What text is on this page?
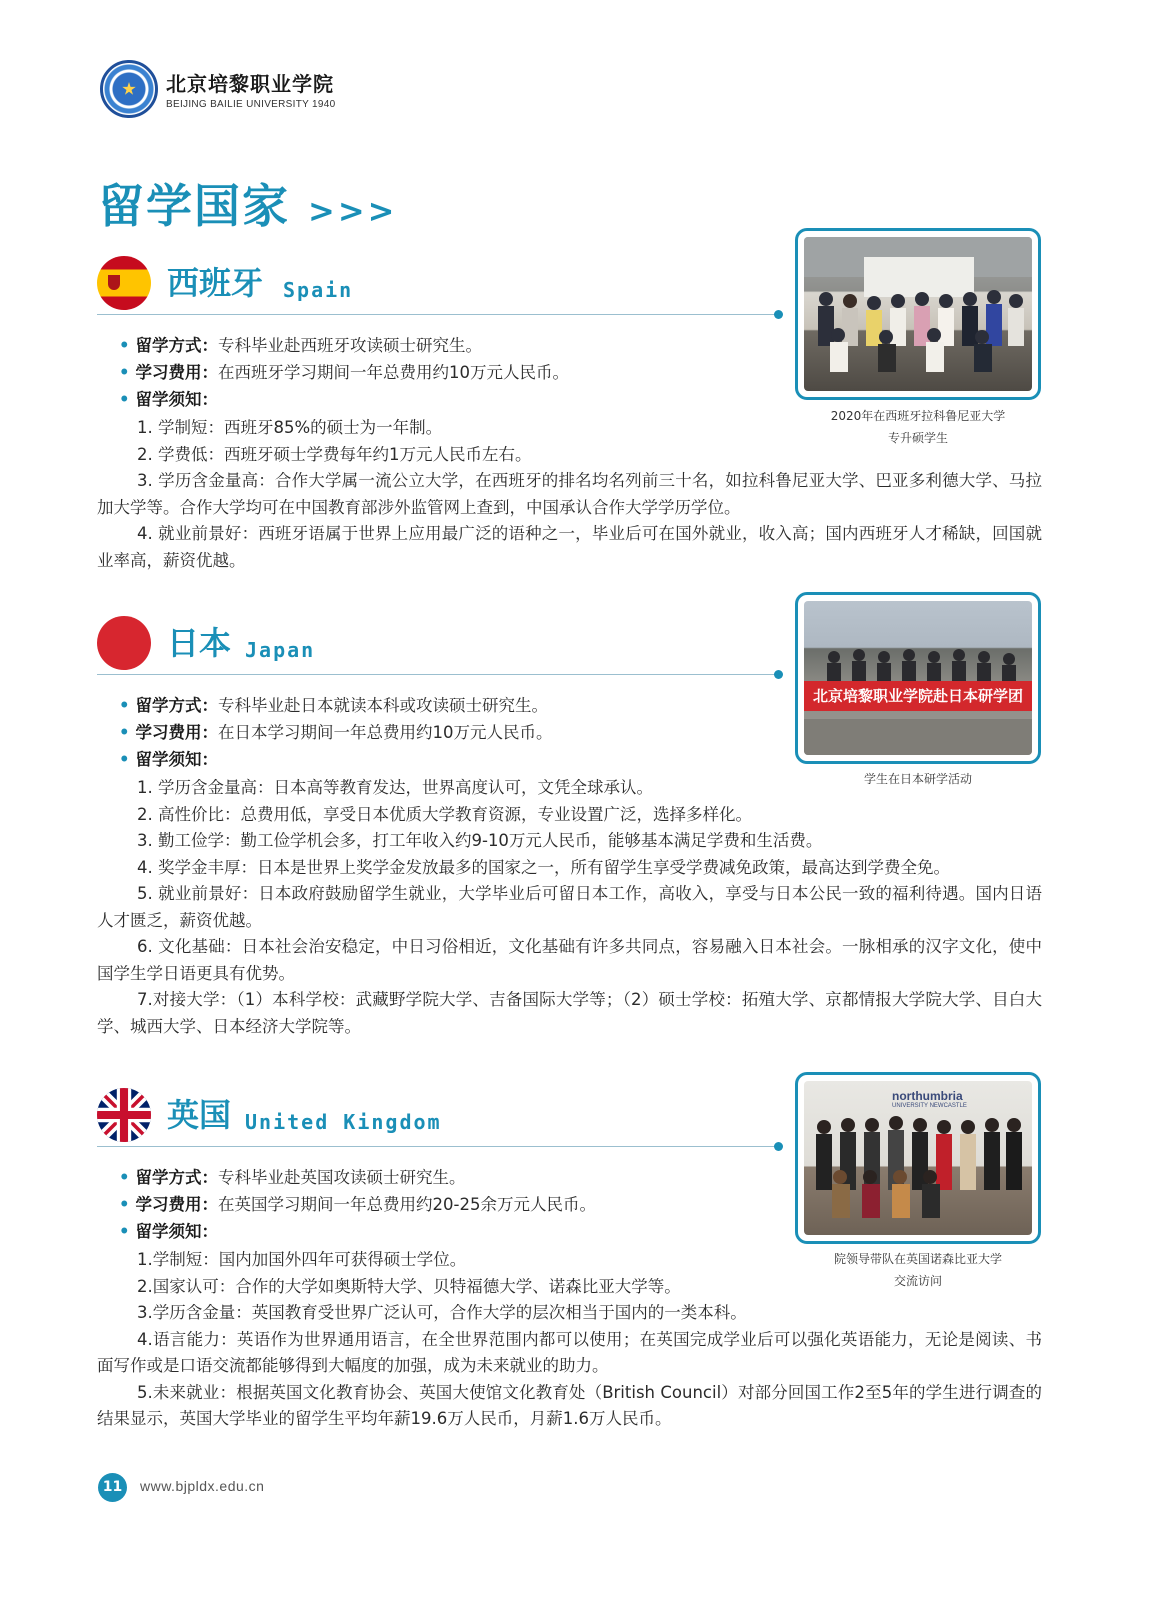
北京培黎职业学院
BEIJING BAILIE UNIVERSITY 1940
留学国家 >>>
西班牙 Spain
• 留学方式：专科毕业赴西班牙攻读硕士研究生。
• 学习费用：在西班牙学习期间一年总费用约10万元人民币。
• 留学须知：
1. 学制短：西班牙85%的硕士为一年制。
2. 学费低：西班牙硕士学费每年约1万元人民币左右。
3. 学历含金量高：合作大学属一流公立大学，在西班牙的排名均名列前三十名，如拉科鲁尼亚大学、巴亚多利德大学、马拉加大学等。合作大学均可在中国教育部涉外监管网上查到，中国承认合作大学学历学位。
4. 就业前景好：西班牙语属于世界上应用最广泛的语种之一，毕业后可在国外就业，收入高；国内西班牙人才稀缺，回国就业率高，薪资优越。
2020年在西班牙拉科鲁尼亚大学
专升硕学生
日本 Japan
• 留学方式：专科毕业赴日本就读本科或攻读硕士研究生。
• 学习费用：在日本学习期间一年总费用约10万元人民币。
• 留学须知：
1. 学历含金量高：日本高等教育发达，世界高度认可，文凭全球承认。
2. 高性价比：总费用低，享受日本优质大学教育资源，专业设置广泛，选择多样化。
3. 勤工俭学：勤工俭学机会多，打工年收入约9-10万元人民币，能够基本满足学费和生活费。
4. 奖学金丰厚：日本是世界上奖学金发放最多的国家之一，所有留学生享受学费减免政策，最高达到学费全免。
5. 就业前景好：日本政府鼓励留学生就业，大学毕业后可留日本工作，高收入，享受与日本公民一致的福利待遇。国内日语人才匮乏，薪资优越。
6. 文化基础：日本社会治安稳定，中日习俗相近，文化基础有许多共同点，容易融入日本社会。一脉相承的汉字文化，使中国学生学日语更具有优势。
7.对接大学：（1）本科学校：武藏野学院大学、吉备国际大学等；（2）硕士学校：拓殖大学、京都情报大学院大学、目白大学、城西大学、日本经济大学院等。
北京培黎职业学院赴日本研学团
学生在日本研学活动
英国 United Kingdom
• 留学方式：专科毕业赴英国攻读硕士研究生。
• 学习费用：在英国学习期间一年总费用约20-25余万元人民币。
• 留学须知：
1.学制短：国内加国外四年可获得硕士学位。
2.国家认可：合作的大学如奥斯特大学、贝特福德大学、诺森比亚大学等。
3.学历含金量：英国教育受世界广泛认可，合作大学的层次相当于国内的一类本科。
4.语言能力：英语作为世界通用语言，在全世界范围内都可以使用；在英国完成学业后可以强化英语能力，无论是阅读、书面写作或是口语交流都能够得到大幅度的加强，成为未来就业的助力。
5.未来就业：根据英国文化教育协会、英国大使馆文化教育处（British Council）对部分回国工作2至5年的学生进行调查的结果显示，英国大学毕业的留学生平均年薪19.6万人民币，月薪1.6万人民币。
northumbria
UNIVERSITY NEWCASTLE
院领导带队在英国诺森比亚大学
交流访问
11	www.bjpldx.edu.cn
